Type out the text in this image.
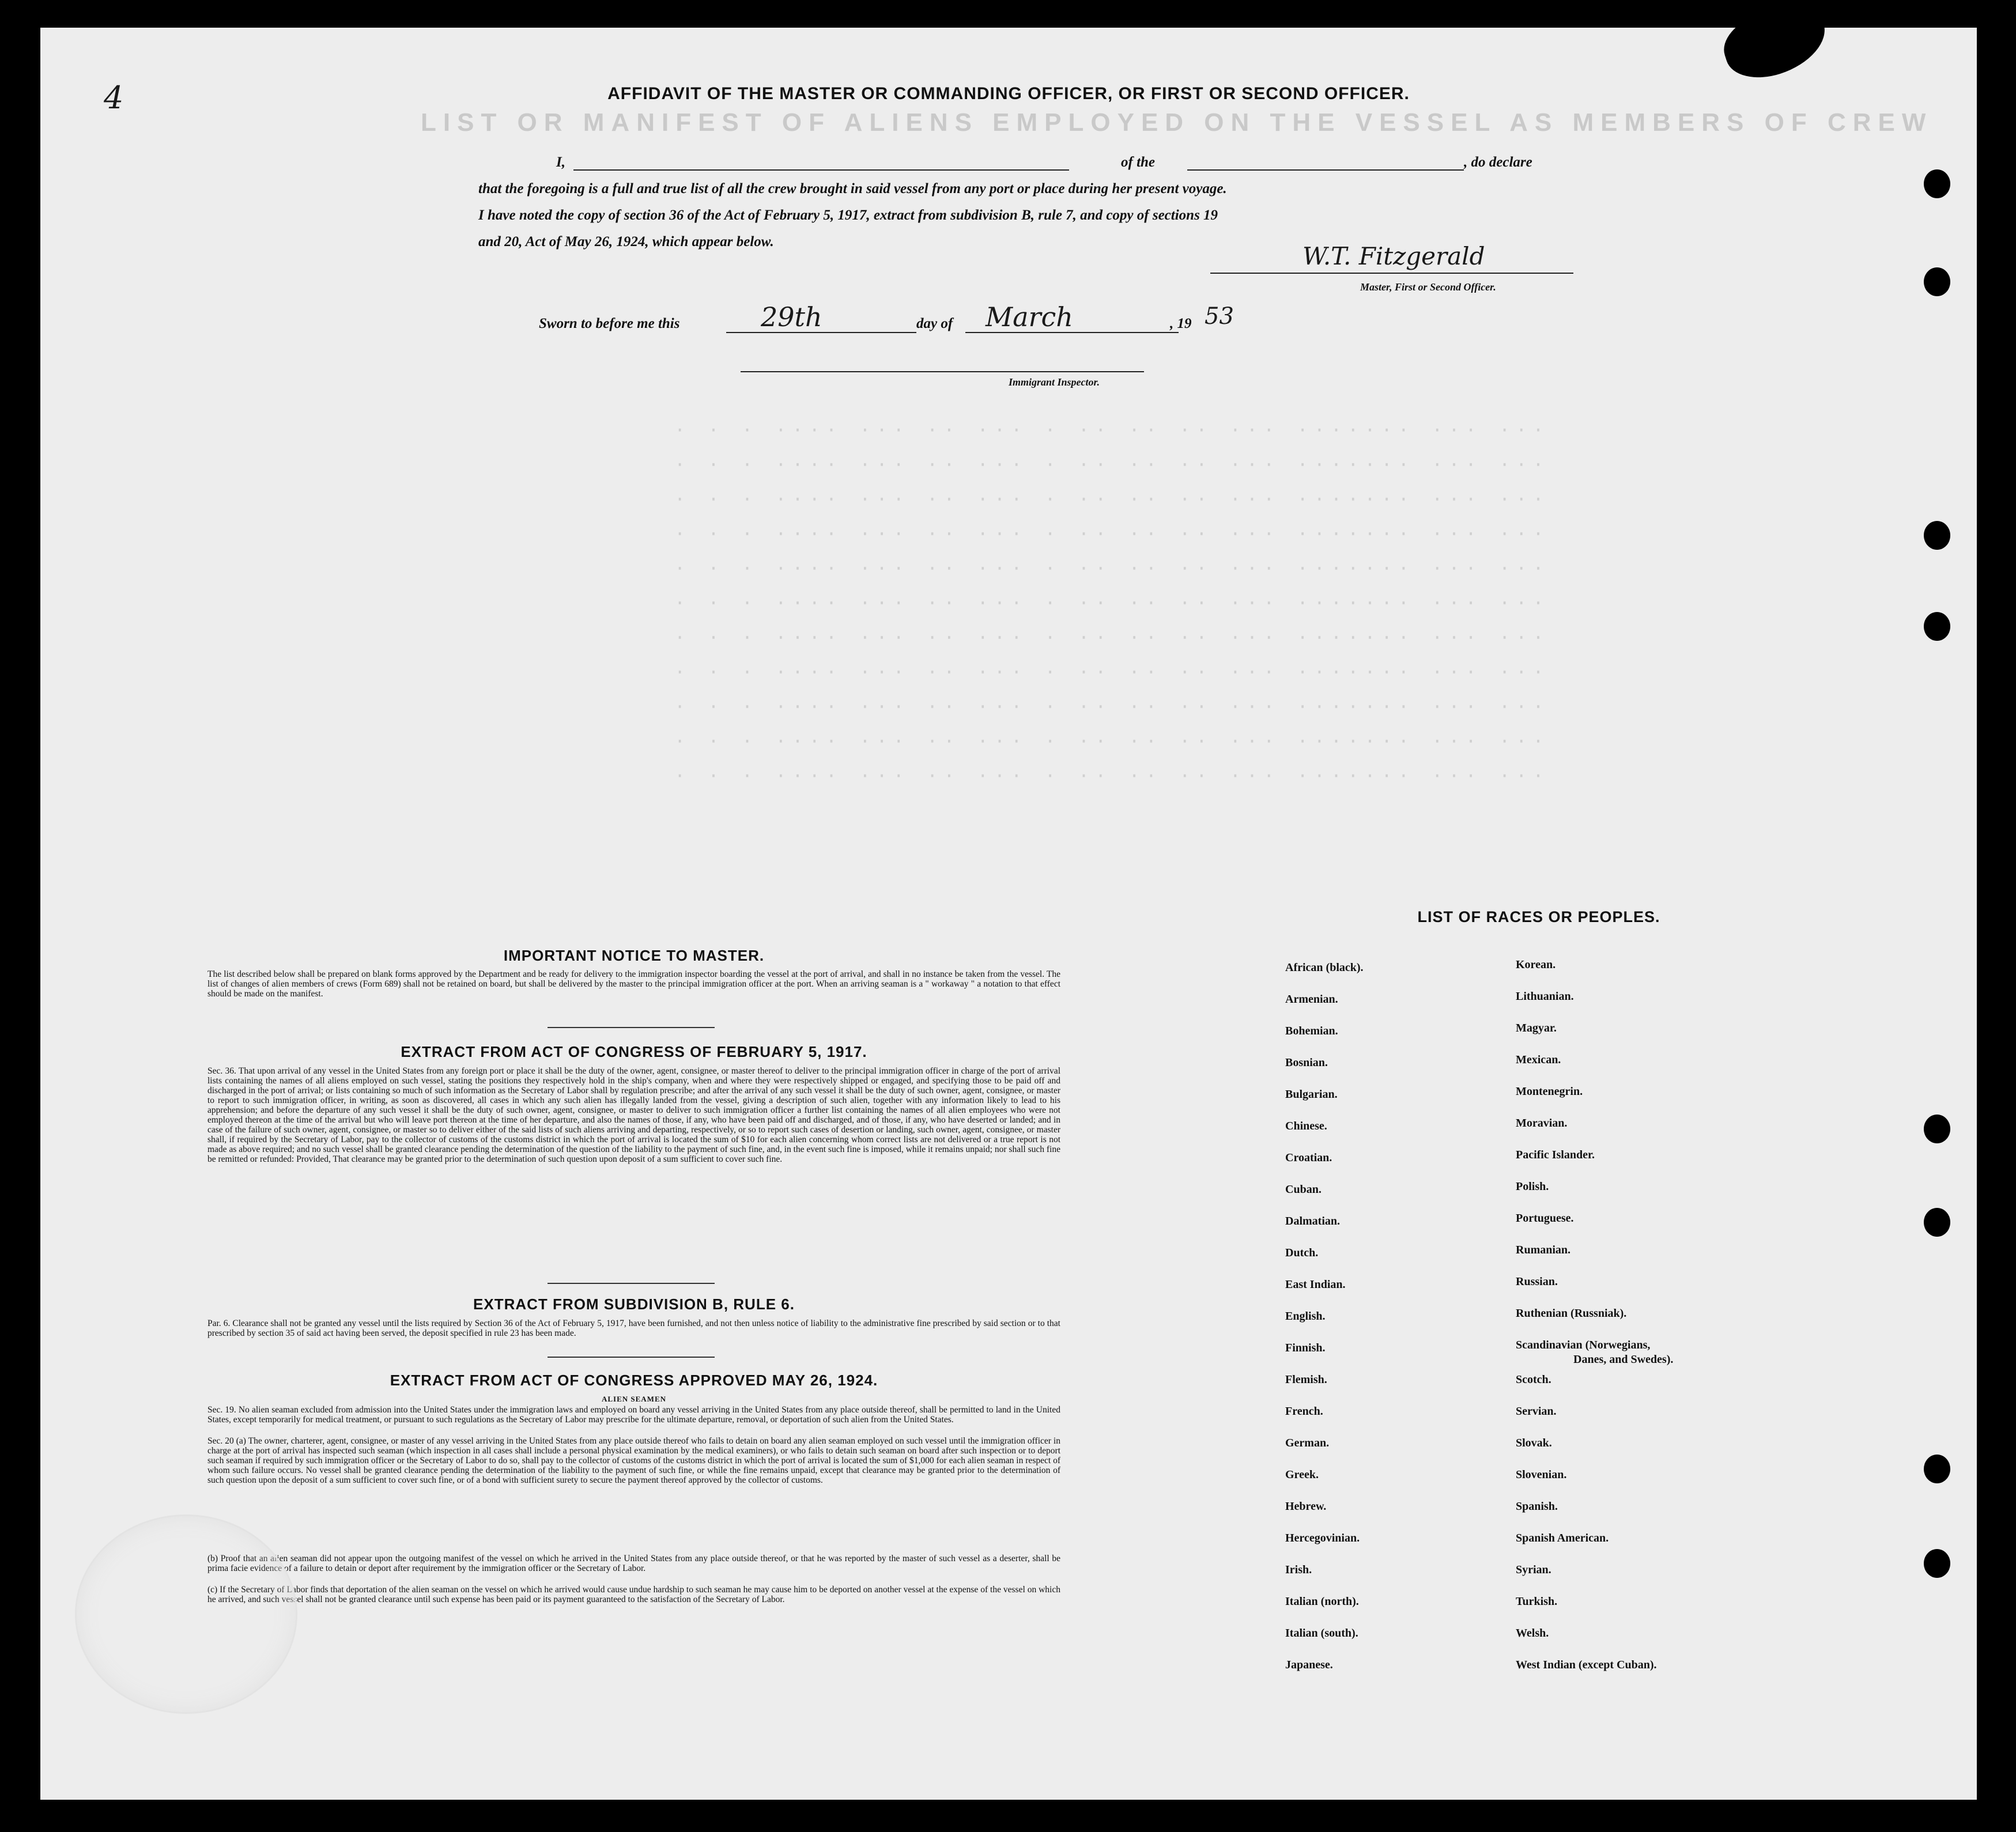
LIST OR MANIFEST OF ALIENS EMPLOYED ON THE VESSEL AS MEMBERS OF CREW
· · · ···· ··· ·· ··· · ·· ·· ·· ··· ······· ··· ···
· · · ···· ··· ·· ··· · ·· ·· ·· ··· ······· ··· ···
· · · ···· ··· ·· ··· · ·· ·· ·· ··· ······· ··· ···
· · · ···· ··· ·· ··· · ·· ·· ·· ··· ······· ··· ···
· · · ···· ··· ·· ··· · ·· ·· ·· ··· ······· ··· ···
· · · ···· ··· ·· ··· · ·· ·· ·· ··· ······· ··· ···
· · · ···· ··· ·· ··· · ·· ·· ·· ··· ······· ··· ···
· · · ···· ··· ·· ··· · ·· ·· ·· ··· ······· ··· ···
· · · ···· ··· ·· ··· · ·· ·· ·· ··· ······· ··· ···
· · · ···· ··· ·· ··· · ·· ·· ·· ··· ······· ··· ···
· · · ···· ··· ·· ··· · ·· ·· ·· ··· ······· ··· ···
4	AFFIDAVIT OF THE MASTER OR COMMANDING OFFICER, OR FIRST OR SECOND OFFICER.
I,	of the	, do declare
that the foregoing is a full and true list of all the crew brought in said vessel from any port or place during her present voyage.
I have noted the copy of section 36 of the Act of February 5, 1917, extract from subdivision B, rule 7, and copy of sections 19
and 20, Act of May 26, 1924, which appear below.
W.T. Fitzgerald
Master, First or Second Officer.
Sworn to before me this	29th	day of March	, 19 53
Immigrant Inspector.
IMPORTANT NOTICE TO MASTER.
The list described below shall be prepared on blank forms approved by the Department and be ready for delivery to the immigration inspector boarding the vessel at the port of arrival, and shall in no instance be taken from the vessel. The list of changes of alien members of crews (Form 689) shall not be retained on board, but shall be delivered by the master to the principal immigration officer at the port. When an arriving seaman is a " workaway " a notation to that effect should be made on the manifest.
EXTRACT FROM ACT OF CONGRESS OF FEBRUARY 5, 1917.
Sec. 36. That upon arrival of any vessel in the United States from any foreign port or place it shall be the duty of the owner, agent, consignee, or master thereof to deliver to the principal immigration officer in charge of the port of arrival lists containing the names of all aliens employed on such vessel, stating the positions they respectively hold in the ship's company, when and where they were respectively shipped or engaged, and specifying those to be paid off and discharged in the port of arrival; or lists containing so much of such information as the Secretary of Labor shall by regulation prescribe; and after the arrival of any such vessel it shall be the duty of such owner, agent, consignee, or master to report to such immigration officer, in writing, as soon as discovered, all cases in which any such alien has illegally landed from the vessel, giving a description of such alien, together with any information likely to lead to his apprehension; and before the departure of any such vessel it shall be the duty of such owner, agent, consignee, or master to deliver to such immigration officer a further list containing the names of all alien employees who were not employed thereon at the time of the arrival but who will leave port thereon at the time of her departure, and also the names of those, if any, who have been paid off and discharged, and of those, if any, who have deserted or landed; and in case of the failure of such owner, agent, consignee, or master so to deliver either of the said lists of such aliens arriving and departing, respectively, or so to report such cases of desertion or landing, such owner, agent, consignee, or master shall, if required by the Secretary of Labor, pay to the collector of customs of the customs district in which the port of arrival is located the sum of $10 for each alien concerning whom correct lists are not delivered or a true report is not made as above required; and no such vessel shall be granted clearance pending the determination of the question of the liability to the payment of such fine, and, in the event such fine is imposed, while it remains unpaid; nor shall such fine be remitted or refunded: Provided, That clearance may be granted prior to the determination of such question upon deposit of a sum sufficient to cover such fine.
EXTRACT FROM SUBDIVISION B, RULE 6.
Par. 6. Clearance shall not be granted any vessel until the lists required by Section 36 of the Act of February 5, 1917, have been furnished, and not then unless notice of liability to the administrative fine prescribed by said section or to that prescribed by section 35 of said act having been served, the deposit specified in rule 23 has been made.
EXTRACT FROM ACT OF CONGRESS APPROVED MAY 26, 1924.
ALIEN SEAMEN
Sec. 19. No alien seaman excluded from admission into the United States under the immigration laws and employed on board any vessel arriving in the United States from any place outside thereof, shall be permitted to land in the United States, except temporarily for medical treatment, or pursuant to such regulations as the Secretary of Labor may prescribe for the ultimate departure, removal, or deportation of such alien from the United States.
Sec. 20 (a) The owner, charterer, agent, consignee, or master of any vessel arriving in the United States from any place outside thereof who fails to detain on board any alien seaman employed on such vessel until the immigration officer in charge at the port of arrival has inspected such seaman (which inspection in all cases shall include a personal physical examination by the medical examiners), or who fails to detain such seaman on board after such inspection or to deport such seaman if required by such immigration officer or the Secretary of Labor to do so, shall pay to the collector of customs of the customs district in which the port of arrival is located the sum of $1,000 for each alien seaman in respect of whom such failure occurs. No vessel shall be granted clearance pending the determination of the liability to the payment of such fine, or while the fine remains unpaid, except that clearance may be granted prior to the determination of such question upon the deposit of a sum sufficient to cover such fine, or of a bond with sufficient surety to secure the payment thereof approved by the collector of customs.
(b) Proof that an alien seaman did not appear upon the outgoing manifest of the vessel on which he arrived in the United States from any place outside thereof, or that he was reported by the master of such vessel as a deserter, shall be prima facie evidence of a failure to detain or deport after requirement by the immigration officer or the Secretary of Labor.
(c) If the Secretary of Labor finds that deportation of the alien seaman on the vessel on which he arrived would cause undue hardship to such seaman he may cause him to be deported on another vessel at the expense of the vessel on which he arrived, and such vessel shall not be granted clearance until such expense has been paid or its payment guaranteed to the satisfaction of the Secretary of Labor.
LIST OF RACES OR PEOPLES.
African (black).
Armenian.
Bohemian.
Bosnian.
Bulgarian.
Chinese.
Croatian.
Cuban.
Dalmatian.
Dutch.
East Indian.
English.
Finnish.
Flemish.
French.
German.
Greek.
Hebrew.
Hercegovinian.
Irish.
Italian (north).
Italian (south).
Japanese.
Korean.
Lithuanian.
Magyar.
Mexican.
Montenegrin.
Moravian.
Pacific Islander.
Polish.
Portuguese.
Rumanian.
Russian.
Ruthenian (Russniak).
Scandinavian (Norwegians,
Danes, and Swedes).
Scotch.
Servian.
Slovak.
Slovenian.
Spanish.
Spanish American.
Syrian.
Turkish.
Welsh.
West Indian (except Cuban).
